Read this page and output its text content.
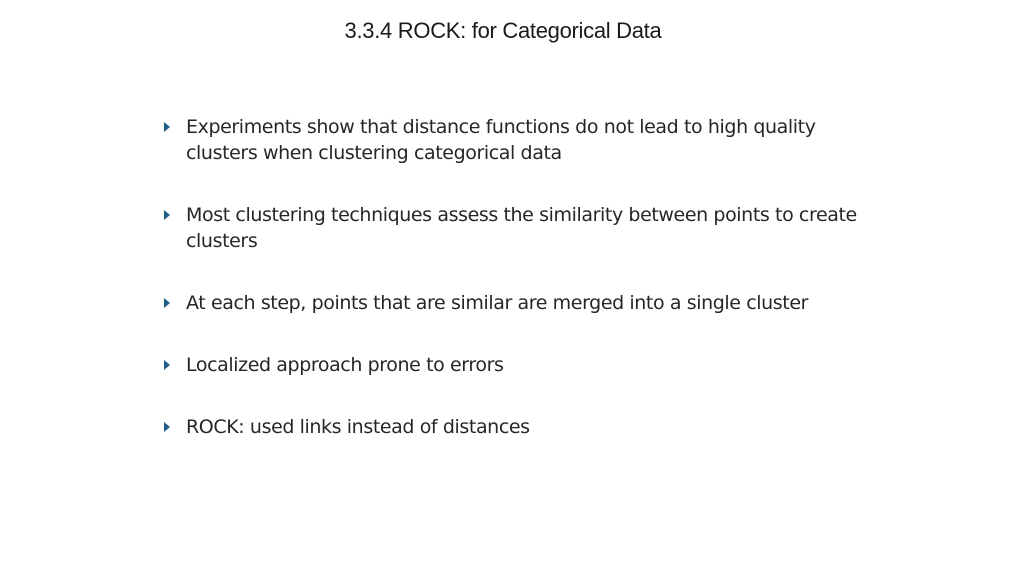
3.3.4 ROCK: for Categorical Data
Experiments show that distance functions do not lead to high quality clusters when clustering categorical data
Most clustering techniques assess the similarity between points to create clusters
At each step, points that are similar are merged into a single cluster
Localized approach prone to errors
ROCK: used links instead of distances
